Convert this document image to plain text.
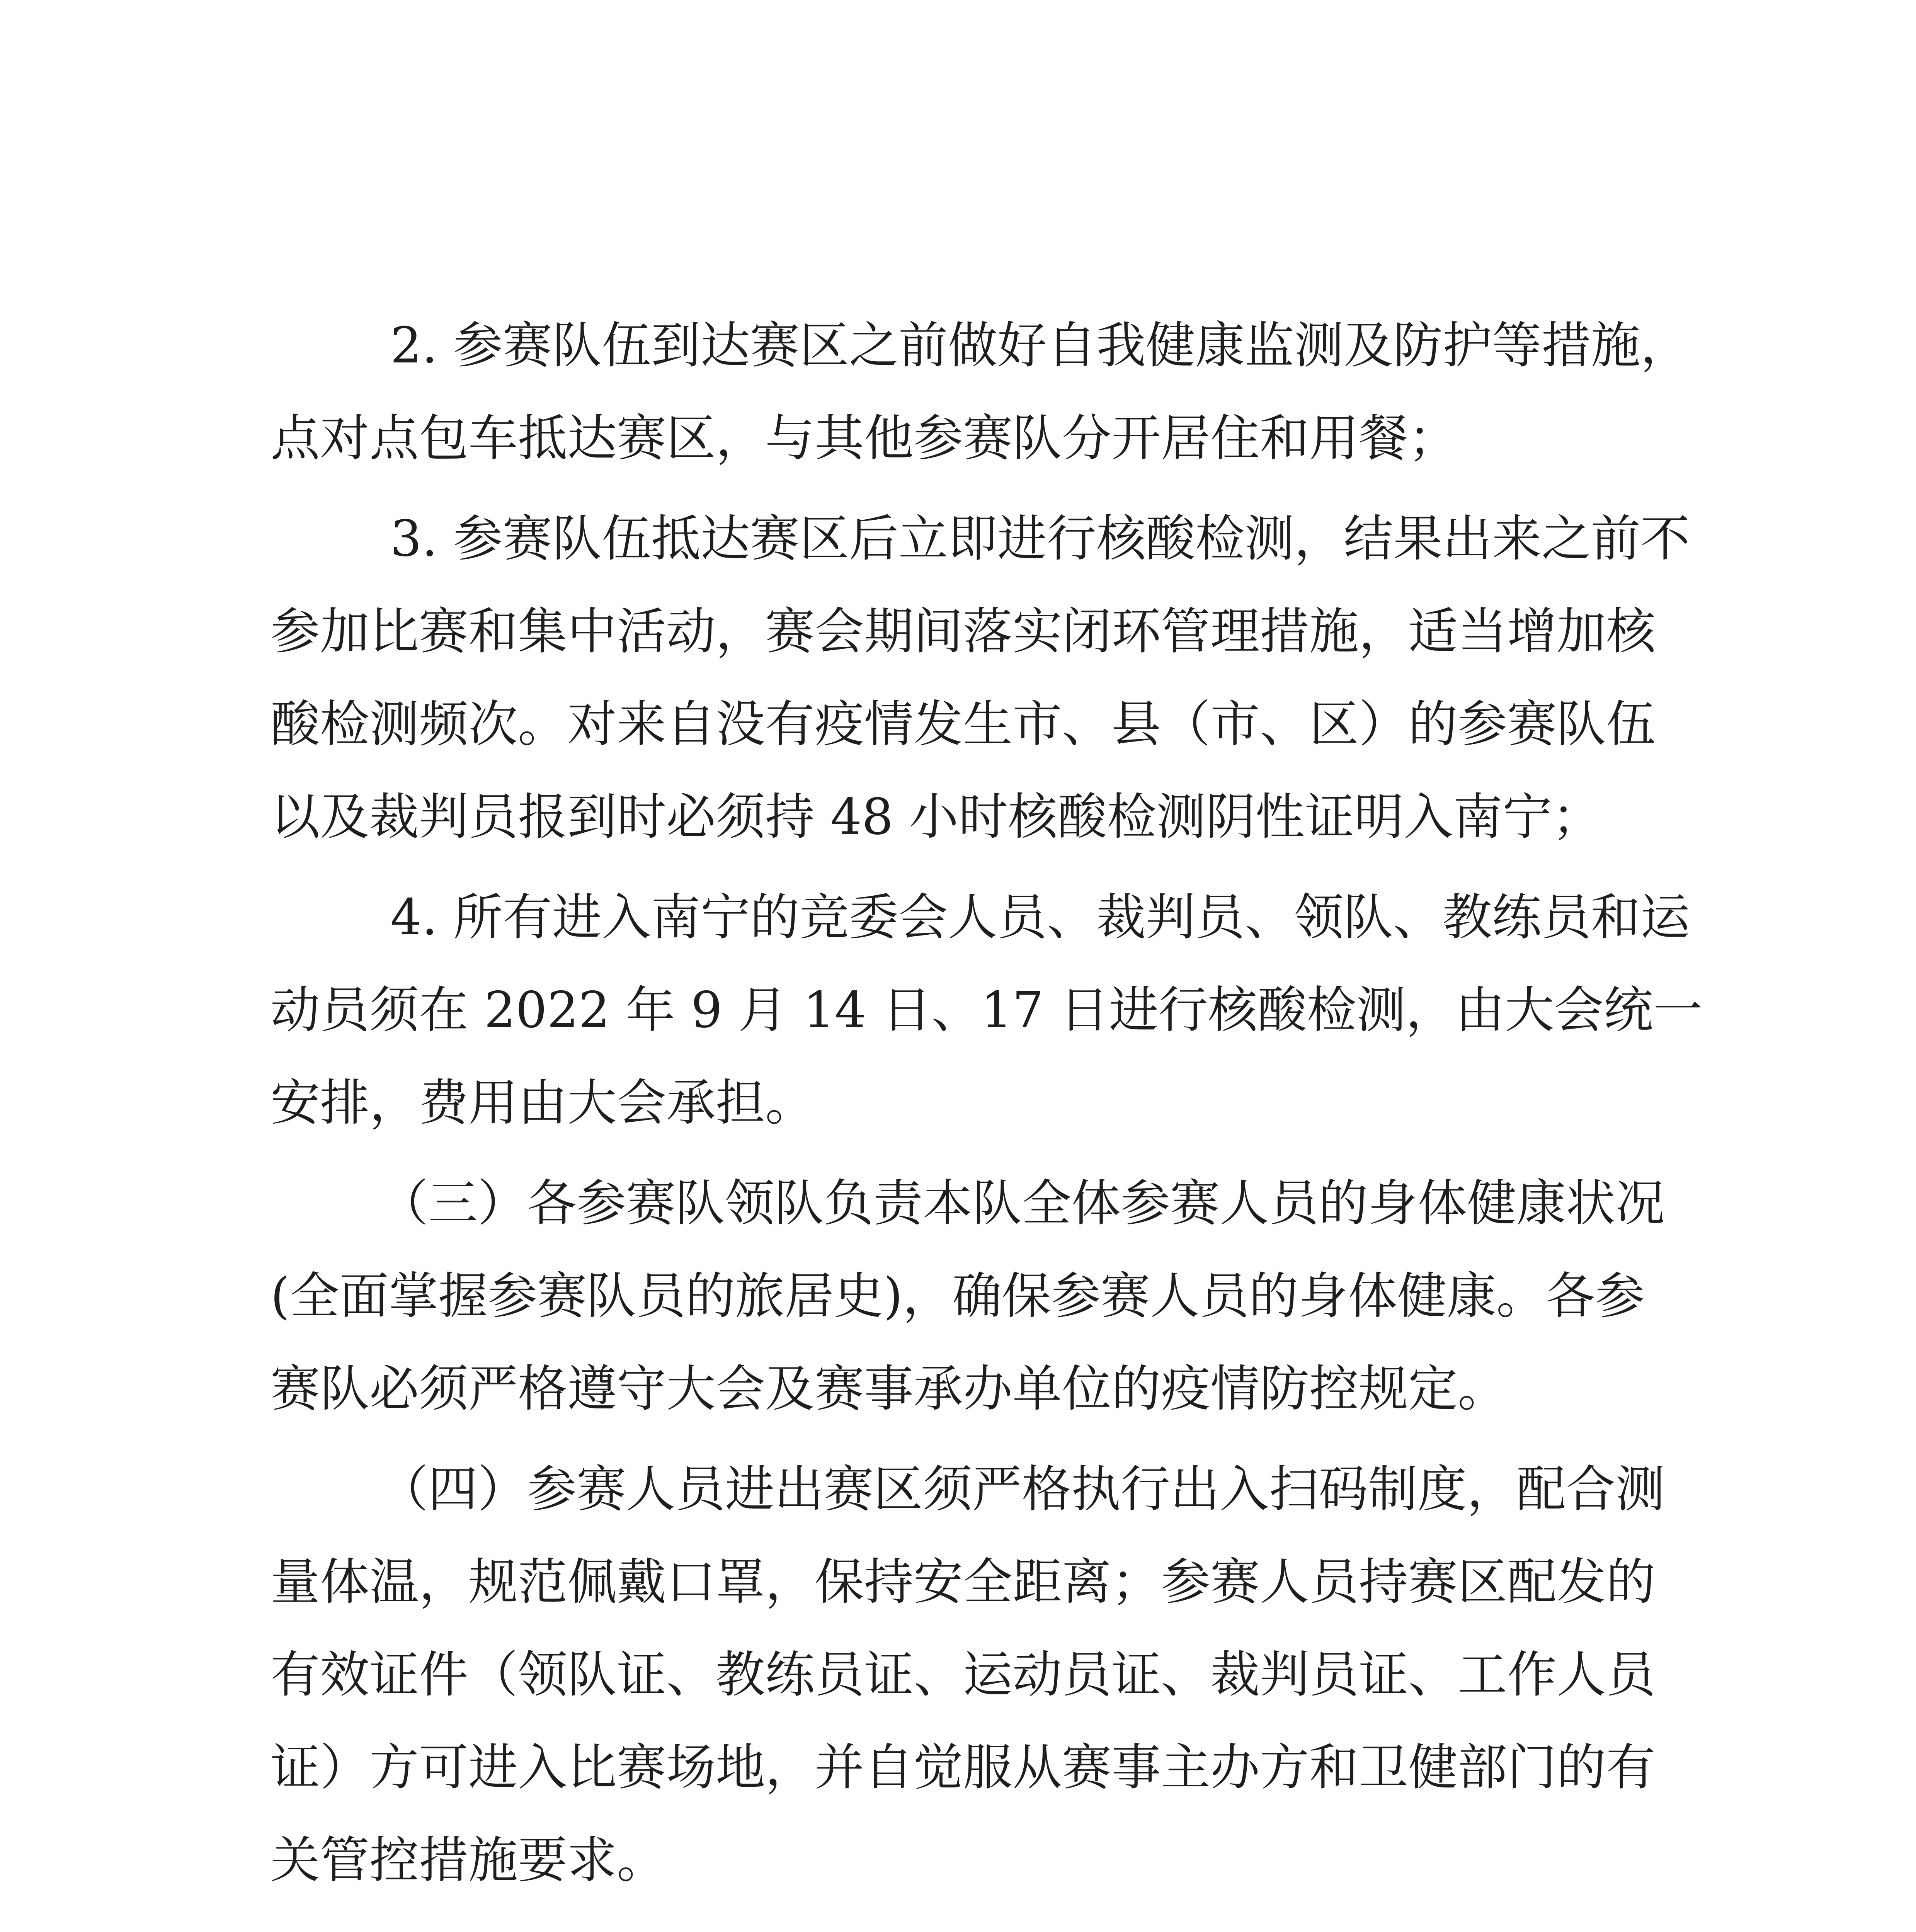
2. 参赛队伍到达赛区之前做好自我健康监测及防护等措施，

点对点包车抵达赛区，与其他参赛队分开居住和用餐；

3. 参赛队伍抵达赛区后立即进行核酸检测，结果出来之前不

参加比赛和集中活动，赛会期间落实闭环管理措施，适当增加核

酸检测频次。对来自没有疫情发生市、县（市、区）的参赛队伍

以及裁判员报到时必须持 48 小时核酸检测阴性证明入南宁；

4. 所有进入南宁的竞委会人员、裁判员、领队、教练员和运

动员须在 2022 年 9 月 14 日、17 日进行核酸检测，由大会统一

安排，费用由大会承担。

（三）各参赛队领队负责本队全体参赛人员的身体健康状况

(全面掌握参赛队员的旅居史)，确保参赛人员的身体健康。各参

赛队必须严格遵守大会及赛事承办单位的疫情防控规定。

（四）参赛人员进出赛区须严格执行出入扫码制度，配合测

量体温，规范佩戴口罩，保持安全距离；参赛人员持赛区配发的

有效证件（领队证、教练员证、运动员证、裁判员证、工作人员

证）方可进入比赛场地，并自觉服从赛事主办方和卫健部门的有

关管控措施要求。
